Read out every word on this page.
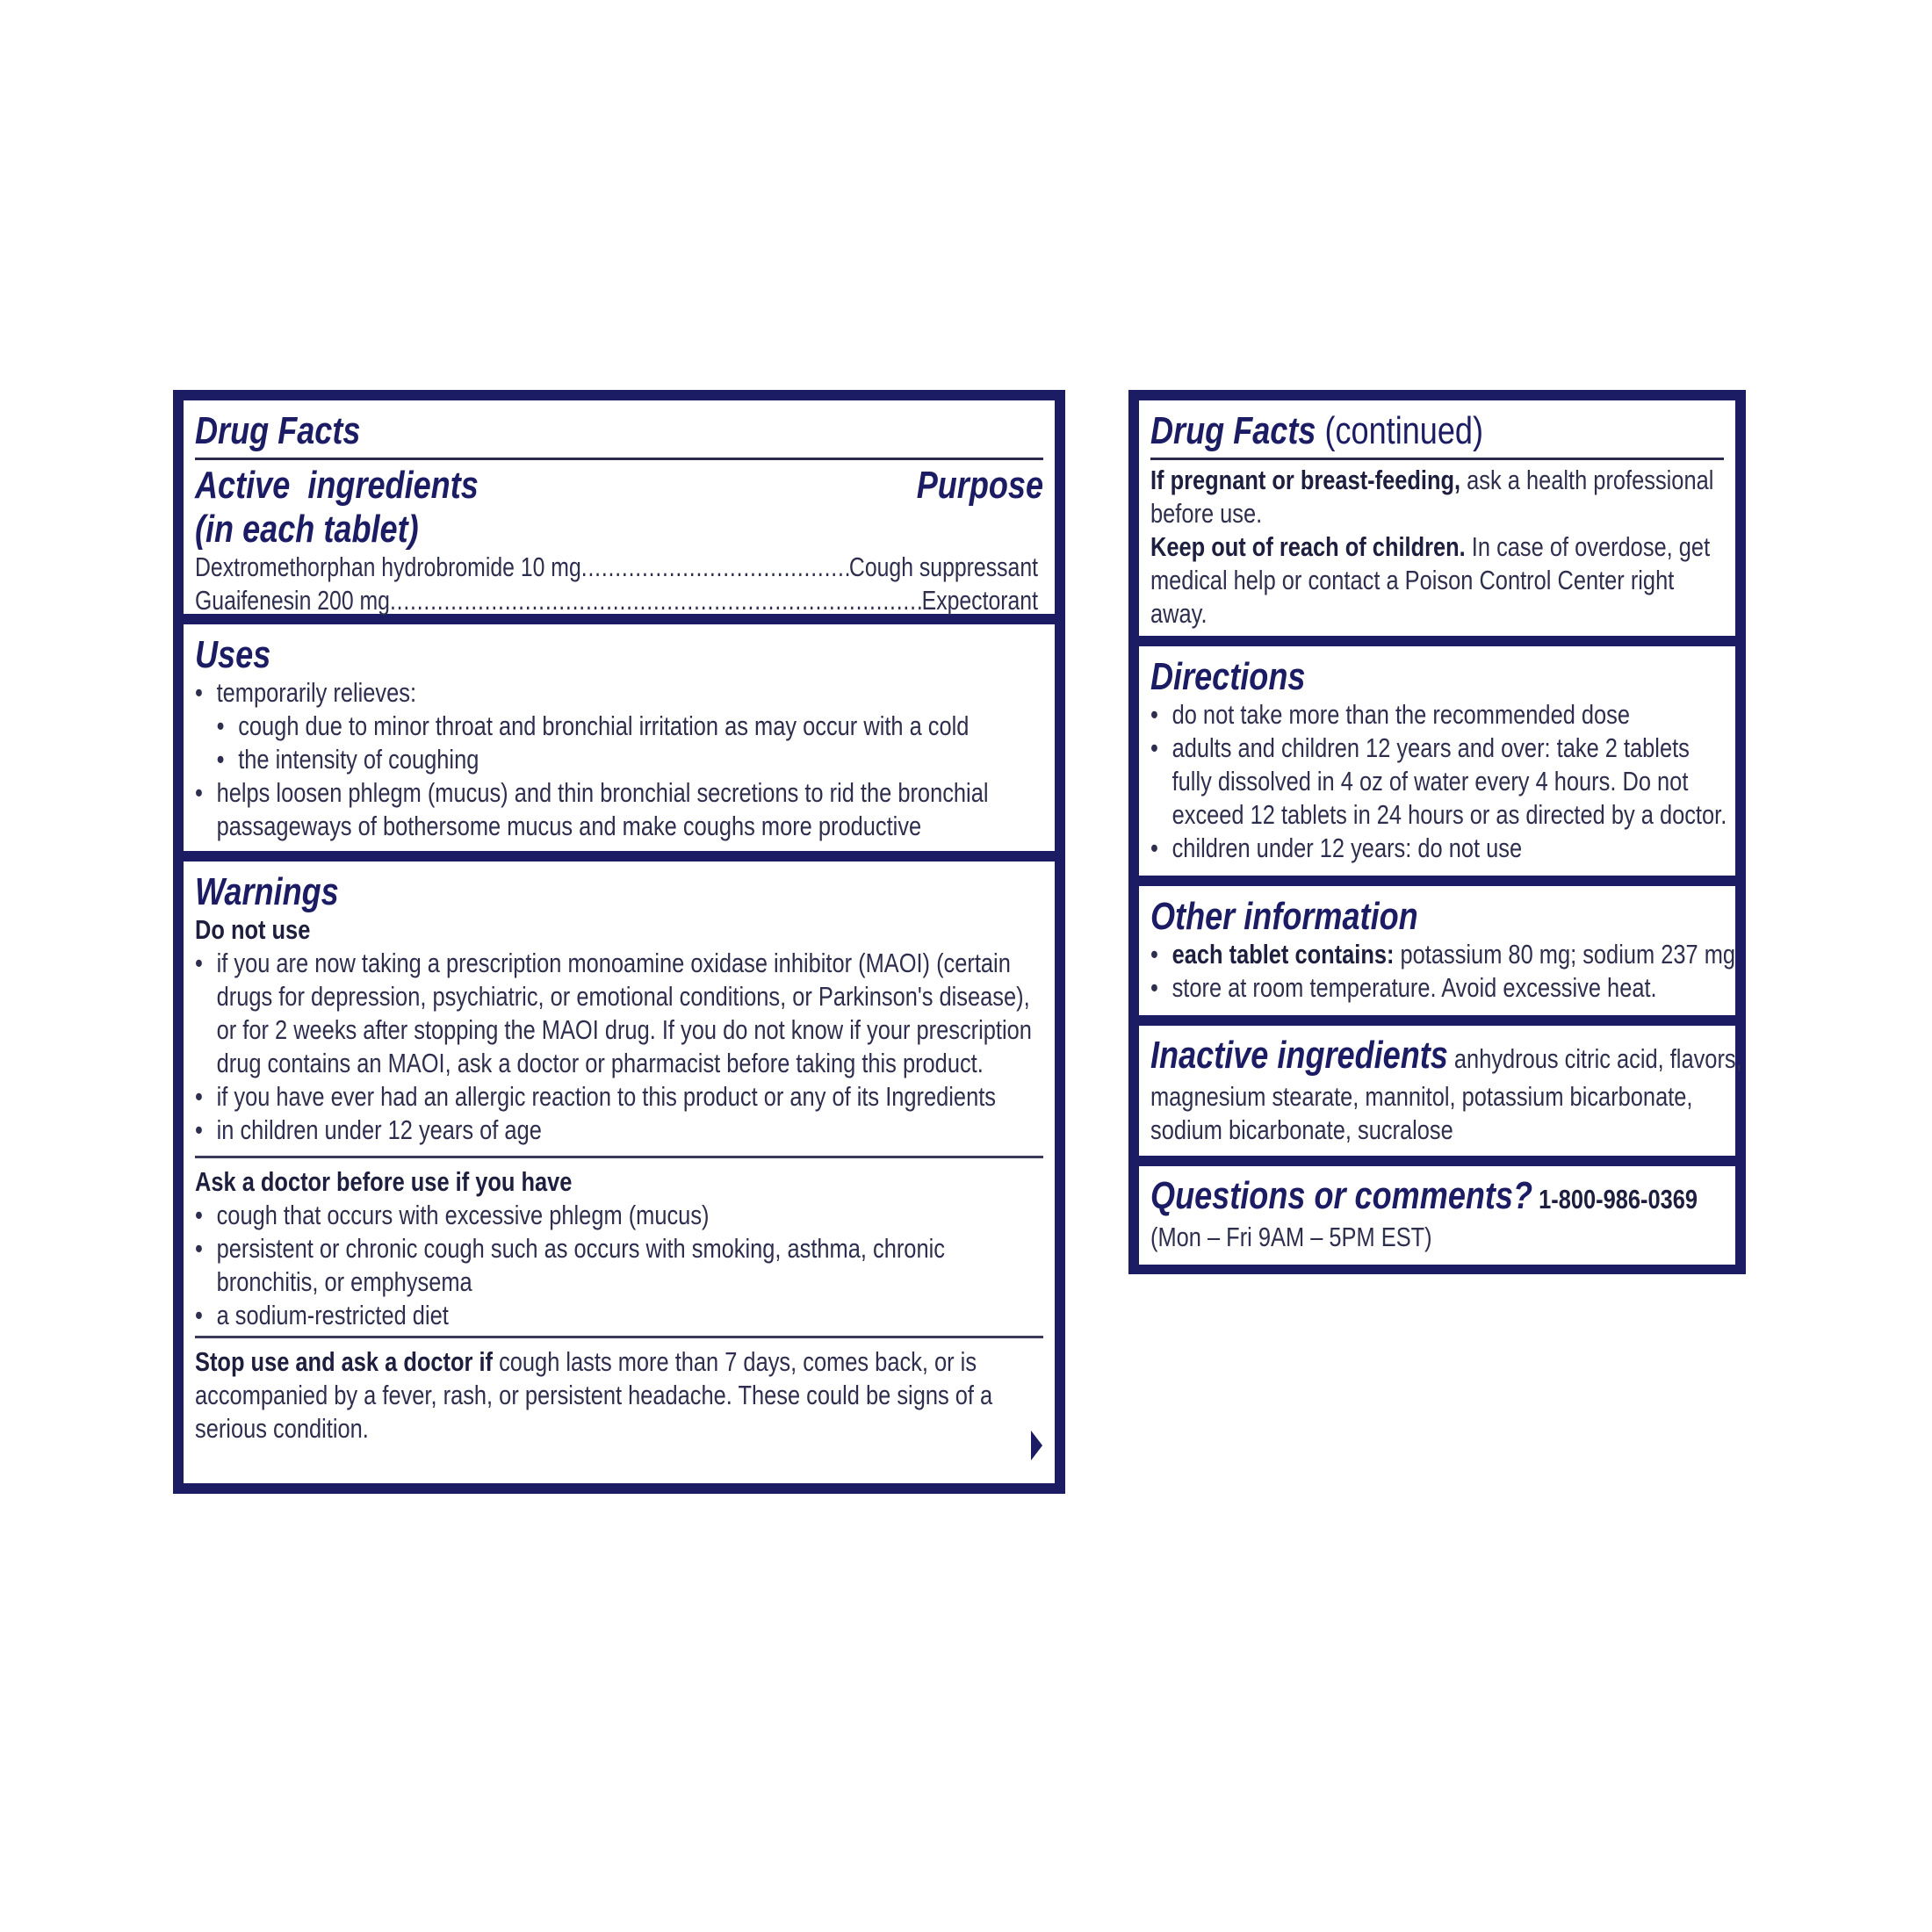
Drug Facts
Active  ingredients
(in each tablet)
Purpose
Dextromethorphan hydrobromide 10 mg .....	Cough suppressant
Guaifenesin 200 mg .....	Expectorant
Uses
• temporarily relieves:
• cough due to minor throat and bronchial irritation as may occur with a cold
• the intensity of coughing
• helps loosen phlegm (mucus) and thin bronchial secretions to rid the bronchial
passageways of bothersome mucus and make coughs more productive
Warnings
Do not use
• if you are now taking a prescription monoamine oxidase inhibitor (MAOI) (certain
drugs for depression, psychiatric, or emotional conditions, or Parkinson's disease),
or for 2 weeks after stopping the MAOI drug. If you do not know if your prescription
drug contains an MAOI, ask a doctor or pharmacist before taking this product.
• if you have ever had an allergic reaction to this product or any of its Ingredients
• in children under 12 years of age
Ask a doctor before use if you have
• cough that occurs with excessive phlegm (mucus)
• persistent or chronic cough such as occurs with smoking, asthma, chronic
bronchitis, or emphysema
• a sodium-restricted diet
Stop use and ask a doctor if cough lasts more than 7 days, comes back, or is
accompanied by a fever, rash, or persistent headache. These could be signs of a
serious condition.
Drug Facts (continued)
If pregnant or breast-feeding, ask a health professional
before use.
Keep out of reach of children. In case of overdose, get
medical help or contact a Poison Control Center right
away.
Directions
• do not take more than the recommended dose
• adults and children 12 years and over: take 2 tablets
fully dissolved in 4 oz of water every 4 hours. Do not
exceed 12 tablets in 24 hours or as directed by a doctor.
• children under 12 years: do not use
Other information
• each tablet contains: potassium 80 mg; sodium 237 mg
• store at room temperature. Avoid excessive heat.
Inactive ingredients anhydrous citric acid, flavors,
magnesium stearate, mannitol, potassium bicarbonate,
sodium bicarbonate, sucralose
Questions or comments? 1-800-986-0369
(Mon – Fri 9AM – 5PM EST)
